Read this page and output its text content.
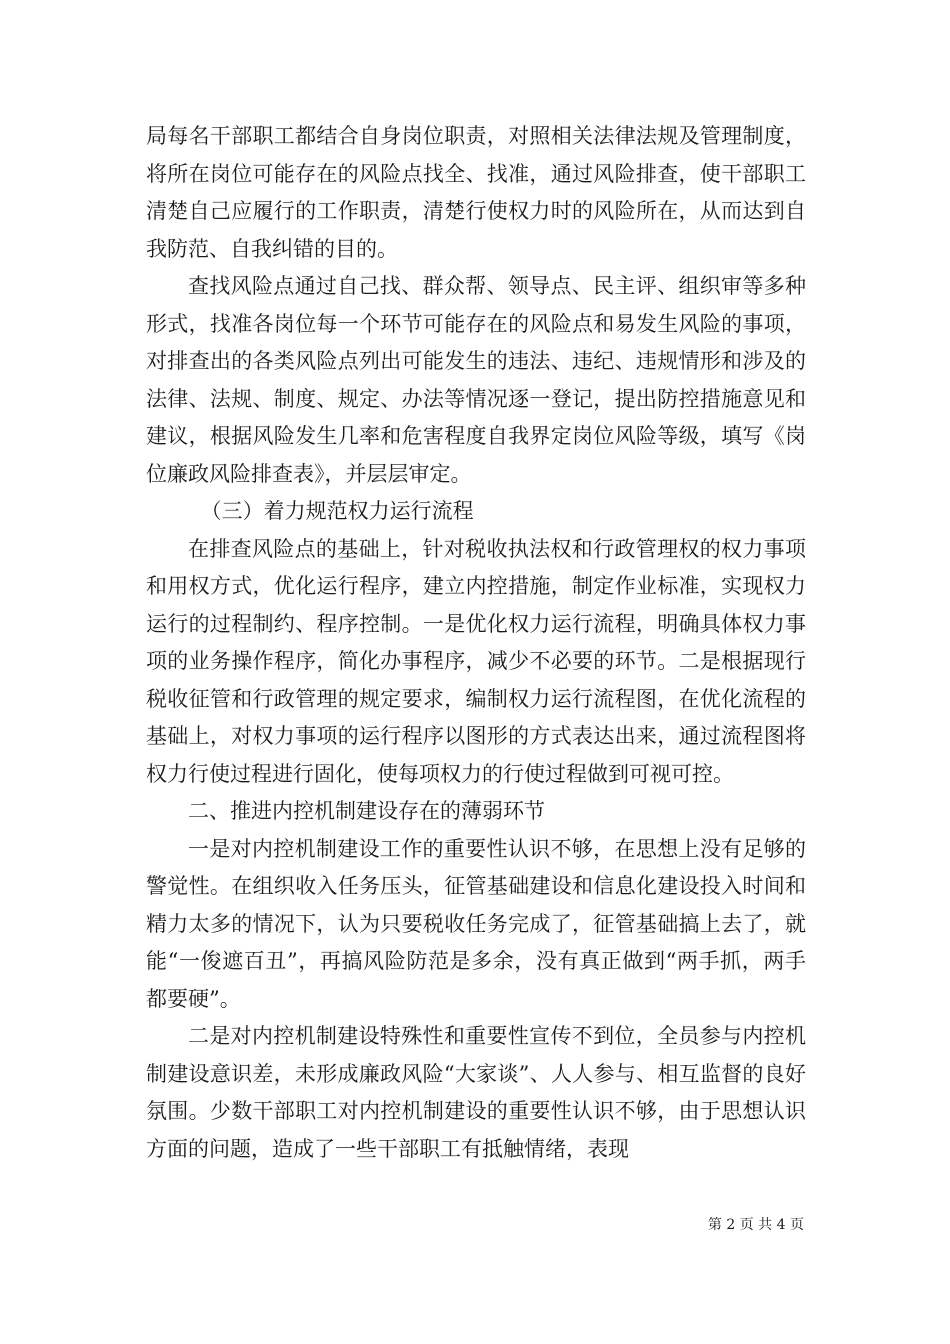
局每名干部职工都结合自身岗位职责，对照相关法律法规及管理制度，将所在岗位可能存在的风险点找全、找准，通过风险排查，使干部职工清楚自己应履行的工作职责，清楚行使权力时的风险所在，从而达到自我防范、自我纠错的目的。

查找风险点通过自己找、群众帮、领导点、民主评、组织审等多种形式，找准各岗位每一个环节可能存在的风险点和易发生风险的事项，对排查出的各类风险点列出可能发生的违法、违纪、违规情形和涉及的法律、法规、制度、规定、办法等情况逐一登记，提出防控措施意见和建议，根据风险发生几率和危害程度自我界定岗位风险等级，填写《岗位廉政风险排查表》，并层层审定。

（三）着力规范权力运行流程

在排查风险点的基础上，针对税收执法权和行政管理权的权力事项和用权方式，优化运行程序，建立内控措施，制定作业标准，实现权力运行的过程制约、程序控制。一是优化权力运行流程，明确具体权力事项的业务操作程序，简化办事程序，减少不必要的环节。二是根据现行税收征管和行政管理的规定要求，编制权力运行流程图，在优化流程的基础上，对权力事项的运行程序以图形的方式表达出来，通过流程图将权力行使过程进行固化，使每项权力的行使过程做到可视可控。

二、推进内控机制建设存在的薄弱环节

一是对内控机制建设工作的重要性认识不够，在思想上没有足够的警觉性。在组织收入任务压头，征管基础建设和信息化建设投入时间和精力太多的情况下，认为只要税收任务完成了，征管基础搞上去了，就能“一俊遮百丑”，再搞风险防范是多余，没有真正做到“两手抓，两手都要硬”。

二是对内控机制建设特殊性和重要性宣传不到位，全员参与内控机制建设意识差，未形成廉政风险“大家谈”、人人参与、相互监督的良好氛围。少数干部职工对内控机制建设的重要性认识不够，由于思想认识方面的问题，造成了一些干部职工有抵触情绪，表现

第 2 页 共 4 页
